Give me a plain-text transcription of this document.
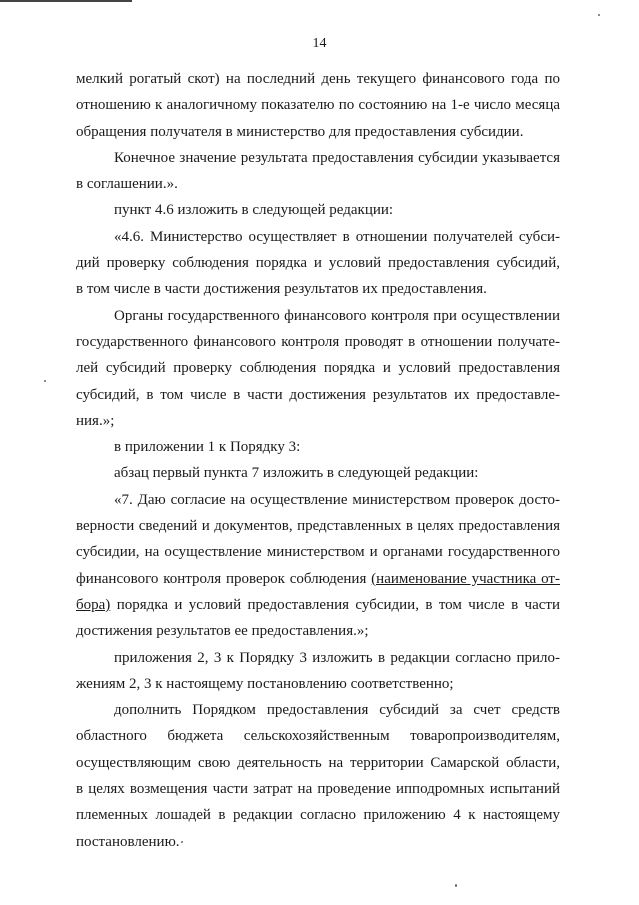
14
мелкий рогатый скот) на последний день текущего финансового года по
отношению к аналогичному показателю по состоянию на 1-е число месяца
обращения получателя в министерство для предоставления субсидии.
Конечное значение результата предоставления субсидии указывается
в соглашении.».
пункт 4.6 изложить в следующей редакции:
«4.6. Министерство осуществляет в отношении получателей субси-
дий проверку соблюдения порядка и условий предоставления субсидий,
в том числе в части достижения результатов их предоставления.
Органы государственного финансового контроля при осуществлении
государственного финансового контроля проводят в отношении получате-
лей субсидий проверку соблюдения порядка и условий предоставления
субсидий, в том числе в части достижения результатов их предоставле-
ния.»;
в приложении 1 к Порядку 3:
абзац первый пункта 7 изложить в следующей редакции:
«7. Даю согласие на осуществление министерством проверок досто-
верности сведений и документов, представленных в целях предоставления
субсидии, на осуществление министерством и органами государственного
финансового контроля проверок соблюдения (наименование участника от-
бора) порядка и условий предоставления субсидии, в том числе в части
достижения результатов ее предоставления.»;
приложения 2, 3 к Порядку 3 изложить в редакции согласно прило-
жениям 2, 3 к настоящему постановлению соответственно;
дополнить Порядком предоставления субсидий за счет средств
областного бюджета сельскохозяйственным товаропроизводителям,
осуществляющим свою деятельность на территории Самарской области,
в целях возмещения части затрат на проведение ипподромных испытаний
племенных лошадей в редакции согласно приложению 4 к настоящему
постановлению.
